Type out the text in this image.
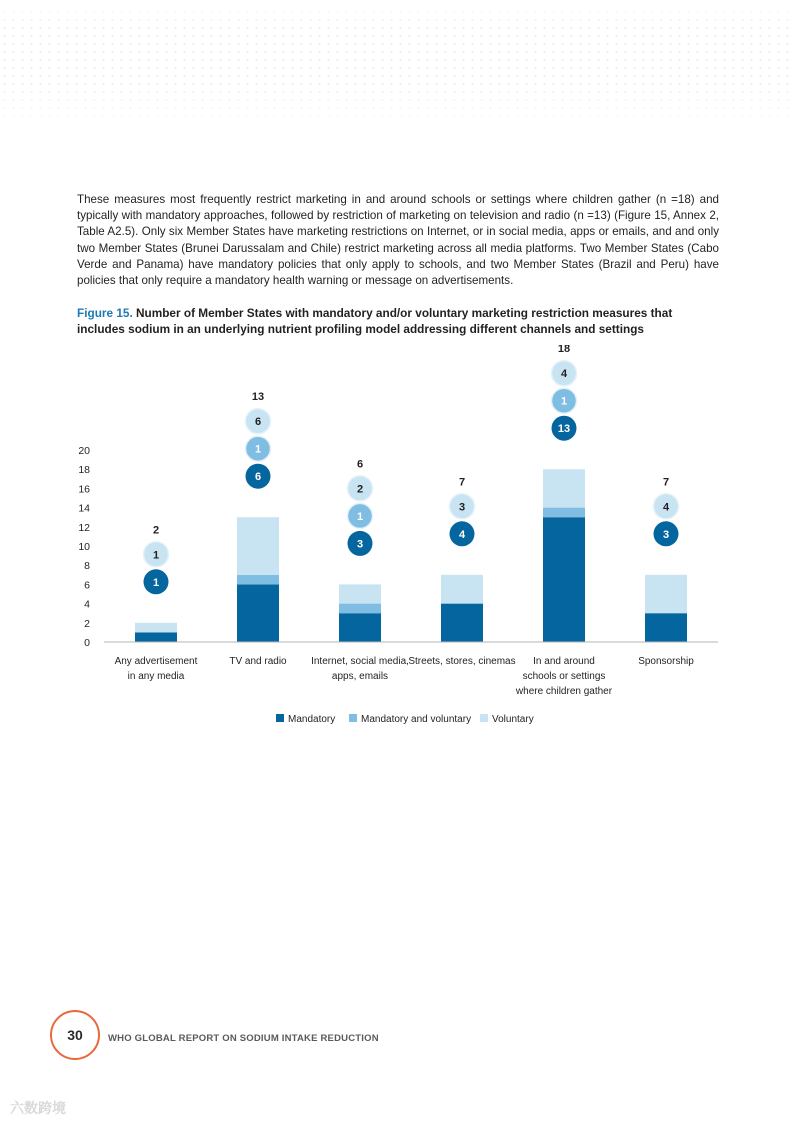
These measures most frequently restrict marketing in and around schools or settings where children gather (n =18) and typically with mandatory approaches, followed by restriction of marketing on television and radio (n =13) (Figure 15, Annex 2, Table A2.5). Only six Member States have marketing restrictions on Internet, or in social media, apps or emails, and and only two Member States (Brunei Darussalam and Chile) restrict marketing across all media platforms. Two Member States (Cabo Verde and Panama) have mandatory policies that only apply to schools, and two Member States (Brazil and Peru) have policies that only require a mandatory health warning or message on advertisements.

Figure 15. Number of Member States with mandatory and/or voluntary marketing restriction measures that includes sodium in an underlying nutrient profiling model addressing different channels and settings

0
2
4
6
8
10
12
14
16
18
20
1
1
2
6
1
6
13
3
1
2
6
4
3
7
13
1
4
18
3
4
7
Any advertisement
in any media
TV and radio Internet, social media,
apps, emails
Streets, stores, cinemas In and around
schools or settings
where children gather
Sponsorship
Mandatory	Mandatory and voluntary Voluntary
30	WHO GLOBAL REPORT ON SODIUM INTAKE REDUCTION
六数跨境
